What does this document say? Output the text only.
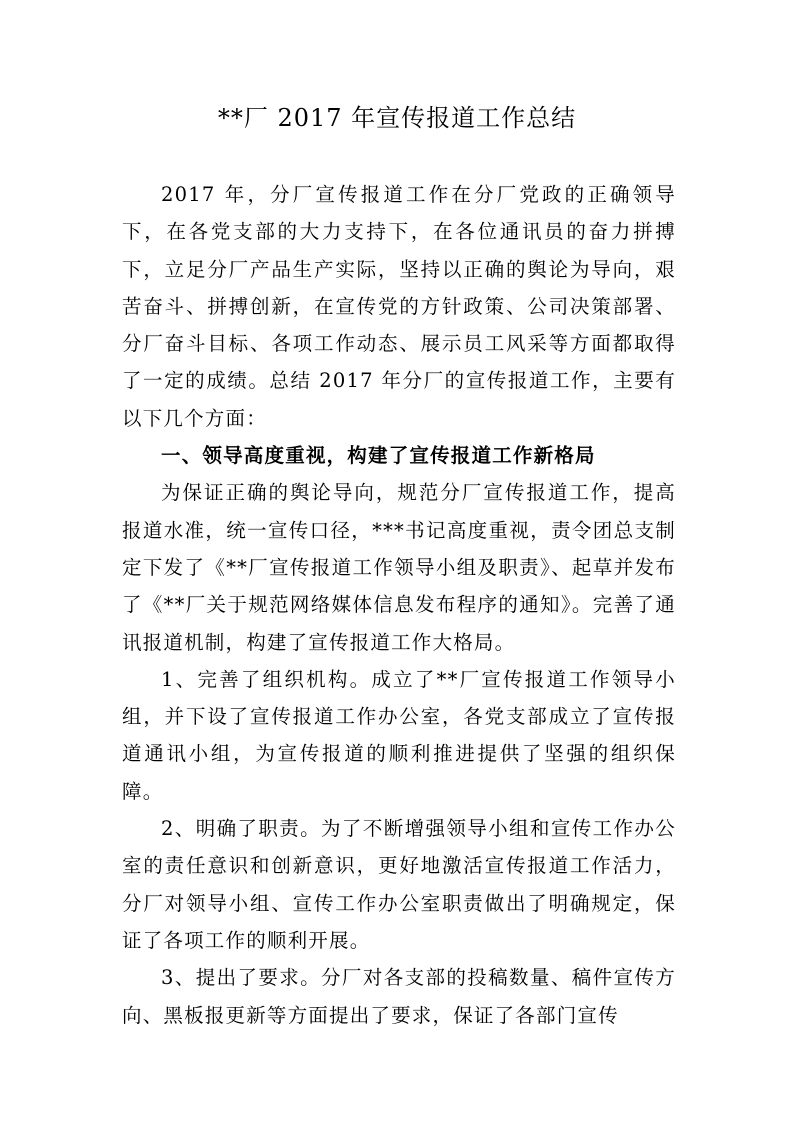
**厂 2017 年宣传报道工作总结

2017 年，分厂宣传报道工作在分厂党政的正确领导下，在各党支部的大力支持下，在各位通讯员的奋力拼搏下，立足分厂产品生产实际，坚持以正确的舆论为导向，艰苦奋斗、拼搏创新，在宣传党的方针政策、公司决策部署、分厂奋斗目标、各项工作动态、展示员工风采等方面都取得了一定的成绩。总结 2017 年分厂的宣传报道工作，主要有以下几个方面：

一、领导高度重视，构建了宣传报道工作新格局

为保证正确的舆论导向，规范分厂宣传报道工作，提高报道水准，统一宣传口径，***书记高度重视，责令团总支制定下发了《**厂宣传报道工作领导小组及职责》、起草并发布了《**厂关于规范网络媒体信息发布程序的通知》。完善了通讯报道机制，构建了宣传报道工作大格局。

1、完善了组织机构。成立了**厂宣传报道工作领导小组，并下设了宣传报道工作办公室，各党支部成立了宣传报道通讯小组，为宣传报道的顺利推进提供了坚强的组织保障。

2、明确了职责。为了不断增强领导小组和宣传工作办公室的责任意识和创新意识，更好地激活宣传报道工作活力，分厂对领导小组、宣传工作办公室职责做出了明确规定，保证了各项工作的顺利开展。

3、提出了要求。分厂对各支部的投稿数量、稿件宣传方向、黑板报更新等方面提出了要求，保证了各部门宣传
